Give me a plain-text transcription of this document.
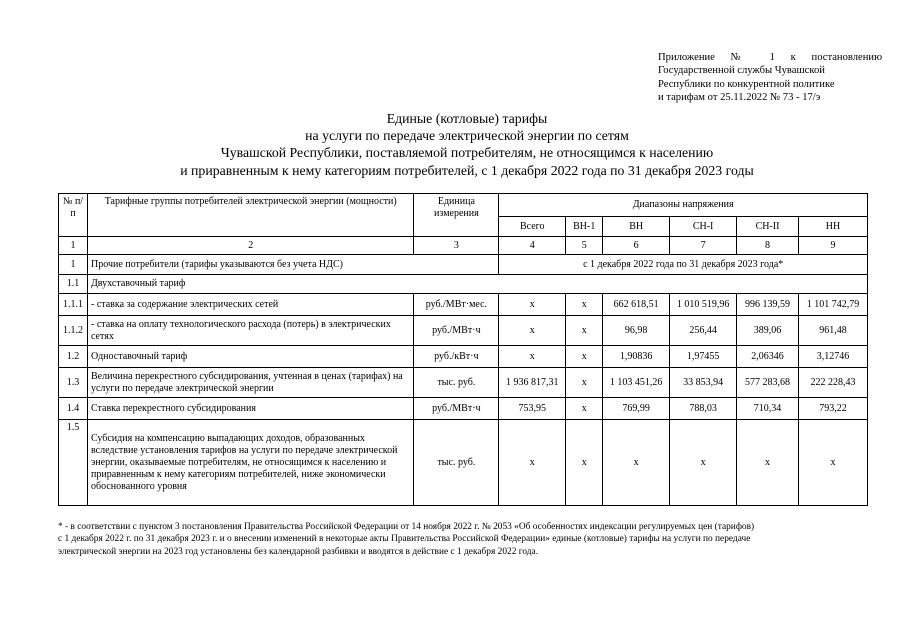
Приложение № 1 к постановлению
Государственной службы Чувашской
Республики по конкурентной политике
и тарифам от 25.11.2022 № 73 - 17/э
Единые (котловые) тарифы
на услуги по передаче электрической энергии по сетям
Чувашской Республики, поставляемой потребителям, не относящимся к населению
и приравненным к нему категориям потребителей, с 1 декабря 2022 года по 31 декабря 2023 годы
№ п/п	Тарифные группы потребителей электрической энергии (мощности)	Единица измерения	Диапазоны напряжения					
			Всего	ВН-1	ВН	СН-I	СН-II	НН
1	2	3	4	5	6	7	8	9
1	Прочие потребители (тарифы указываются без учета НДС)		с 1 декабря 2022 года по 31 декабря 2023 года*					
1.1	Двухставочный тариф							
1.1.1	- ставка за содержание электрических сетей	руб./МВт·мес.	х	х	662 618,51	1 010 519,96	996 139,59	1 101 742,79
1.1.2	- ставка на оплату технологического расхода (потерь) в электрических сетях	руб./МВт·ч	х	х	96,98	256,44	389,06	961,48
1.2	Одноставочный тариф	руб./кВт·ч	х	х	1,90836	1,97455	2,06346	3,12746
1.3	Величина перекрестного субсидирования, учтенная в ценах (тарифах) на услуги по передаче электрической энергии	тыс. руб.	1 936 817,31	х	1 103 451,26	33 853,94	577 283,68	222 228,43
1.4	Ставка перекрестного субсидирования	руб./МВт·ч	753,95	х	769,99	788,03	710,34	793,22
1.5	Субсидия на компенсацию выпадающих доходов, образованных вследствие установления тарифов на услуги по передаче электрической энергии, оказываемые потребителям, не относящимся к населению и приравненным к нему категориям потребителей, ниже экономически обоснованного уровня	тыс. руб.	х	х	х	х	х	х
* - в соответствии с пунктом 3 постановления Правительства Российской Федерации от 14 ноября 2022 г. № 2053 «Об особенностях индексации регулируемых цен (тарифов)
с 1 декабря 2022 г. по 31 декабря 2023 г. и о внесении изменений в некоторые акты Правительства Российской Федерации» единые (котловые) тарифы на услуги по передаче
электрической энергии на 2023 год установлены без календарной разбивки и вводятся в действие с 1 декабря 2022 года.
